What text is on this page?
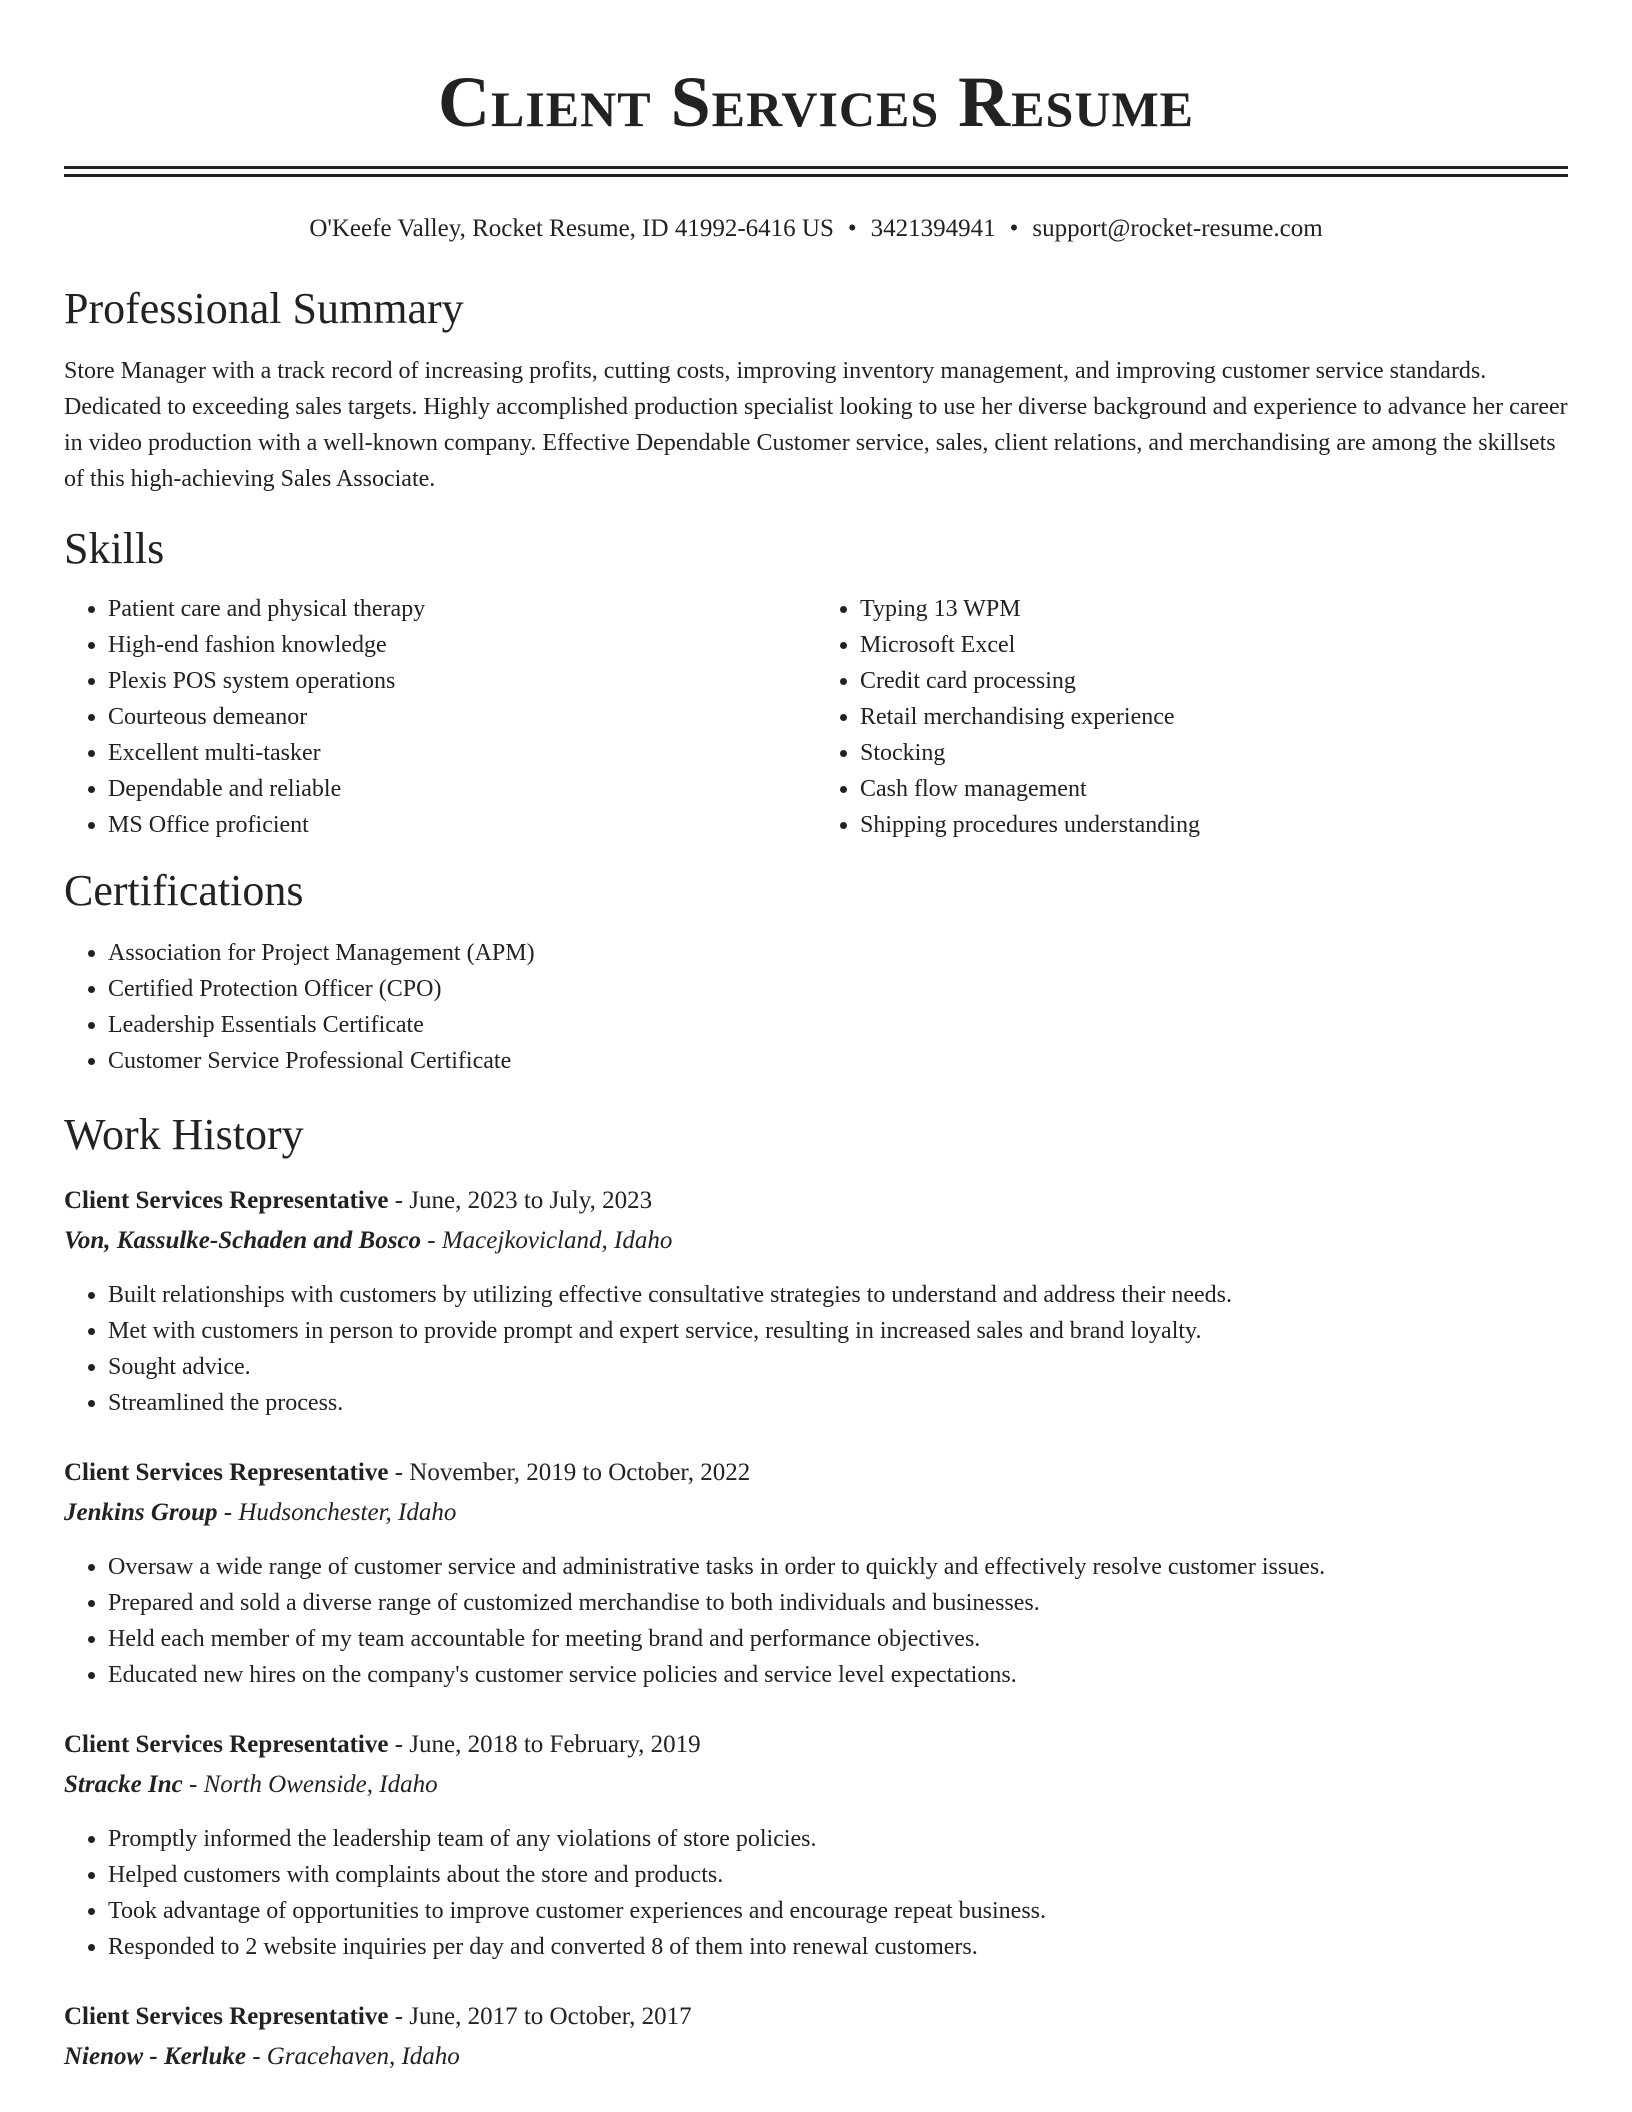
Client Services Resume
O'Keefe Valley, Rocket Resume, ID 41992-6416 US • 3421394941 • support@rocket-resume.com
Professional Summary

Store Manager with a track record of increasing profits, cutting costs, improving inventory management, and improving customer service standards. Dedicated to exceeding sales targets. Highly accomplished production specialist looking to use her diverse background and experience to advance her career in video production with a well-known company. Effective Dependable Customer service, sales, client relations, and merchandising are among the skillsets of this high-achieving Sales Associate.

Skills
• Patient care and physical therapy
• High-end fashion knowledge
• Plexis POS system operations
• Courteous demeanor
• Excellent multi-tasker
• Dependable and reliable
• MS Office proficient
• Typing 13 WPM
• Microsoft Excel
• Credit card processing
• Retail merchandising experience
• Stocking
• Cash flow management
• Shipping procedures understanding
Certifications
• Association for Project Management (APM)
• Certified Protection Officer (CPO)
• Leadership Essentials Certificate
• Customer Service Professional Certificate
Work History
Client Services Representative - June, 2023 to July, 2023
Von, Kassulke-Schaden and Bosco - Macejkovicland, Idaho
• Built relationships with customers by utilizing effective consultative strategies to understand and address their needs.
• Met with customers in person to provide prompt and expert service, resulting in increased sales and brand loyalty.
• Sought advice.
• Streamlined the process.
Client Services Representative - November, 2019 to October, 2022
Jenkins Group - Hudsonchester, Idaho
• Oversaw a wide range of customer service and administrative tasks in order to quickly and effectively resolve customer issues.
• Prepared and sold a diverse range of customized merchandise to both individuals and businesses.
• Held each member of my team accountable for meeting brand and performance objectives.
• Educated new hires on the company's customer service policies and service level expectations.
Client Services Representative - June, 2018 to February, 2019
Stracke Inc - North Owenside, Idaho
• Promptly informed the leadership team of any violations of store policies.
• Helped customers with complaints about the store and products.
• Took advantage of opportunities to improve customer experiences and encourage repeat business.
• Responded to 2 website inquiries per day and converted 8 of them into renewal customers.
Client Services Representative - June, 2017 to October, 2017
Nienow - Kerluke - Gracehaven, Idaho
